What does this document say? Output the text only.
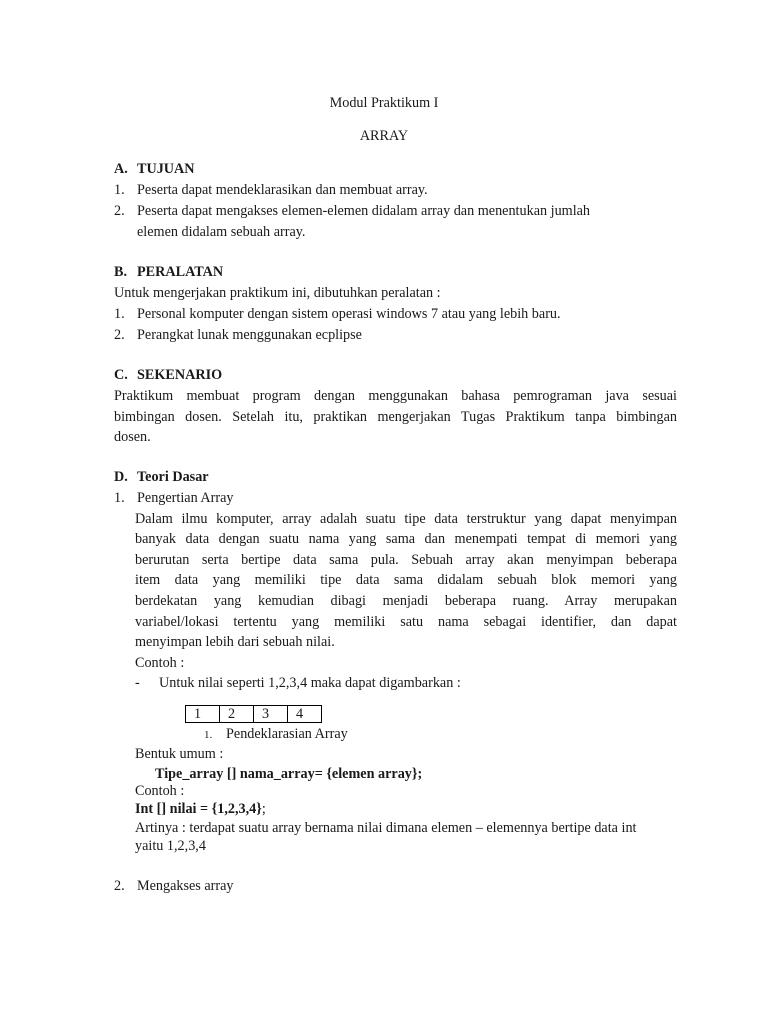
Modul Praktikum I
ARRAY
A. TUJUAN
1. Peserta dapat mendeklarasikan dan membuat array.
2. Peserta dapat mengakses elemen-elemen didalam array dan menentukan jumlah
elemen didalam sebuah array.
B. PERALATAN
Untuk mengerjakan praktikum ini, dibutuhkan peralatan :
1. Personal komputer dengan sistem operasi windows 7 atau yang lebih baru.
2. Perangkat lunak menggunakan ecplipse
C. SEKENARIO
Praktikum membuat program dengan menggunakan bahasa pemrograman java sesuai
bimbingan dosen. Setelah itu, praktikan mengerjakan Tugas Praktikum tanpa bimbingan
dosen.
D. Teori Dasar
1. Pengertian Array
Dalam ilmu komputer, array adalah suatu tipe data terstruktur yang dapat menyimpan
banyak data dengan suatu nama yang sama dan menempati tempat di memori yang
berurutan serta bertipe data sama pula. Sebuah array akan menyimpan beberapa
item data yang memiliki tipe data sama didalam sebuah blok memori yang
berdekatan yang kemudian dibagi menjadi beberapa ruang. Array merupakan
variabel/lokasi tertentu yang memiliki satu nama sebagai identifier, dan dapat
menyimpan lebih dari sebuah nilai.
Contoh :
- Untuk nilai seperti 1,2,3,4 maka dapat digambarkan :
1	2	3	4
1. Pendeklarasian Array
Bentuk umum :
Tipe_array [] nama_array= {elemen array};
Contoh :
Int [] nilai = {1,2,3,4};
Artinya : terdapat suatu array bernama nilai dimana elemen – elemennya bertipe data int
yaitu 1,2,3,4
2. Mengakses array
